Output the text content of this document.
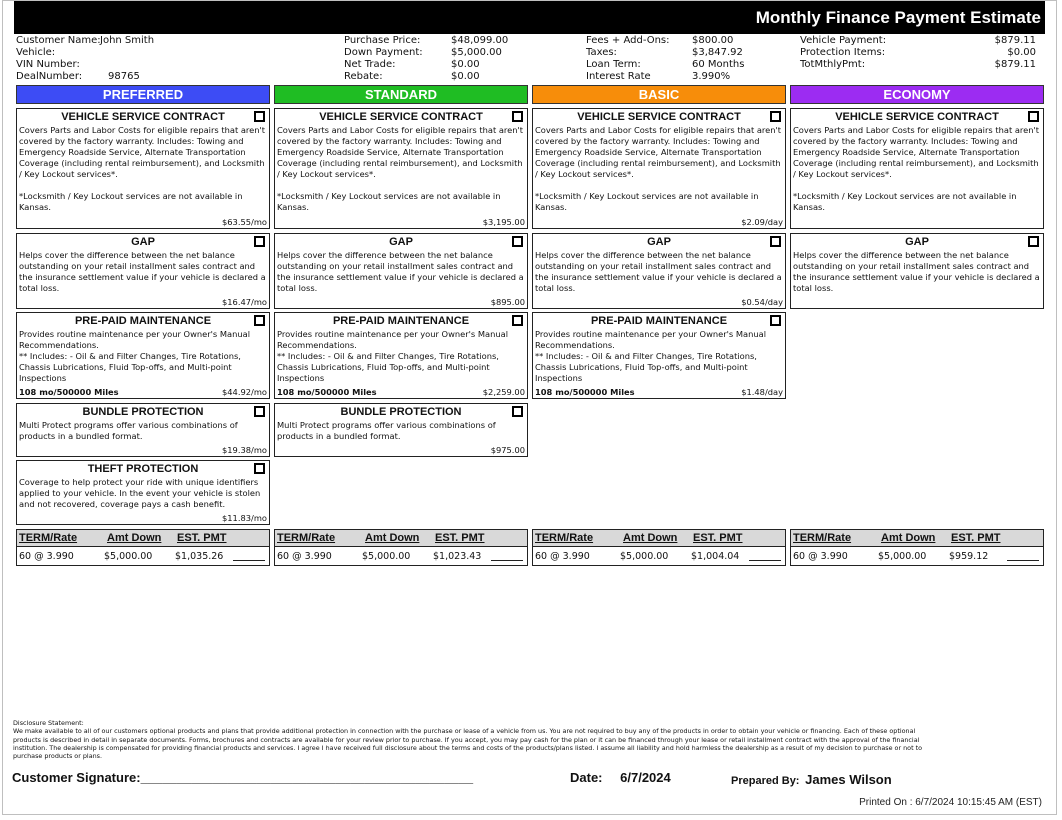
Monthly Finance Payment Estimate
Customer Name:John Smith
Vehicle:
VIN Number:
DealNumber:	98765
Purchase Price:	$48,099.00
Down Payment:	$5,000.00
Net Trade:	$0.00
Rebate:	$0.00
Fees + Add-Ons: $800.00
Taxes:	$3,847.92
Loan Term:	60 Months
Interest Rate	3.990%
Vehicle Payment:	$879.11
Protection Items:	$0.00
TotMthlyPmt:	$879.11
PREFERRED	STANDARD	BASIC	ECONOMY
VEHICLE SERVICE CONTRACT
Covers Parts and Labor Costs for eligible repairs that aren't covered by the factory warranty. Includes: Towing and Emergency Roadside Service, Alternate Transportation Coverage (including rental reimbursement), and Locksmith / Key Lockout services*.

*Locksmith / Key Lockout services are not available in Kansas.
$63.55/mo
GAP
Helps cover the difference between the net balance outstanding on your retail installment sales contract and the insurance settlement value if your vehicle is declared a total loss.
$16.47/mo
PRE-PAID MAINTENANCE
Provides routine maintenance per your Owner's Manual Recommendations.
** Includes: - Oil & and Filter Changes, Tire Rotations, Chassis Lubrications, Fluid Top-offs, and Multi-point Inspections
108 mo/500000 Miles	$44.92/mo
BUNDLE PROTECTION
Multi Protect programs offer various combinations of products in a bundled format.
$19.38/mo
THEFT PROTECTION
Coverage to help protect your ride with unique identifiers applied to your vehicle. In the event your vehicle is stolen and not recovered, coverage pays a cash benefit.
$11.83/mo
VEHICLE SERVICE CONTRACT
Covers Parts and Labor Costs for eligible repairs that aren't covered by the factory warranty. Includes: Towing and Emergency Roadside Service, Alternate Transportation Coverage (including rental reimbursement), and Locksmith / Key Lockout services*.

*Locksmith / Key Lockout services are not available in Kansas.
$3,195.00
GAP
Helps cover the difference between the net balance outstanding on your retail installment sales contract and the insurance settlement value if your vehicle is declared a total loss.
$895.00
PRE-PAID MAINTENANCE
Provides routine maintenance per your Owner's Manual Recommendations.
** Includes: - Oil & and Filter Changes, Tire Rotations, Chassis Lubrications, Fluid Top-offs, and Multi-point Inspections
108 mo/500000 Miles	$2,259.00
BUNDLE PROTECTION
Multi Protect programs offer various combinations of products in a bundled format.
$975.00
VEHICLE SERVICE CONTRACT
Covers Parts and Labor Costs for eligible repairs that aren't covered by the factory warranty. Includes: Towing and Emergency Roadside Service, Alternate Transportation Coverage (including rental reimbursement), and Locksmith / Key Lockout services*.

*Locksmith / Key Lockout services are not available in Kansas.
$2.09/day
GAP
Helps cover the difference between the net balance outstanding on your retail installment sales contract and the insurance settlement value if your vehicle is declared a total loss.
$0.54/day
PRE-PAID MAINTENANCE
Provides routine maintenance per your Owner's Manual Recommendations.
** Includes: - Oil & and Filter Changes, Tire Rotations, Chassis Lubrications, Fluid Top-offs, and Multi-point Inspections
108 mo/500000 Miles	$1.48/day
VEHICLE SERVICE CONTRACT
Covers Parts and Labor Costs for eligible repairs that aren't covered by the factory warranty. Includes: Towing and Emergency Roadside Service, Alternate Transportation Coverage (including rental reimbursement), and Locksmith / Key Lockout services*.

*Locksmith / Key Lockout services are not available in Kansas.
GAP
Helps cover the difference between the net balance outstanding on your retail installment sales contract and the insurance settlement value if your vehicle is declared a total loss.
TERM/Rate	Amt Down EST. PMT
60 @ 3.990	$5,000.00 $1,035.26
TERM/Rate	Amt Down EST. PMT
60 @ 3.990	$5,000.00 $1,023.43
TERM/Rate	Amt Down EST. PMT
60 @ 3.990	$5,000.00 $1,004.04
TERM/Rate	Amt Down EST. PMT
60 @ 3.990	$5,000.00 $959.12
Disclosure Statement:
We make available to all of our customers optional products and plans that provide additional protection in connection with the purchase or lease of a vehicle from us. You are not required to buy any of the products in order to obtain your vehicle or financing. Each of these optional products is described in detail in separate documents. Forms, brochures and contracts are available for your review prior to purchase. If you accept, you may pay cash for the plan or it can be financed through your lease or retail installment contract with the approval of the financial institution. The dealership is compensated for providing financial products and services. I agree I have received full disclosure about the terms and costs of the products/plans listed. I assume all liability and hold harmless the dealership as a result of my decision to purchase or not to purchase products or plans.
Customer Signature:______________________________________________	Date: 6/7/2024	Prepared By: James Wilson
Printed On : 6/7/2024 10:15:45 AM (EST)
